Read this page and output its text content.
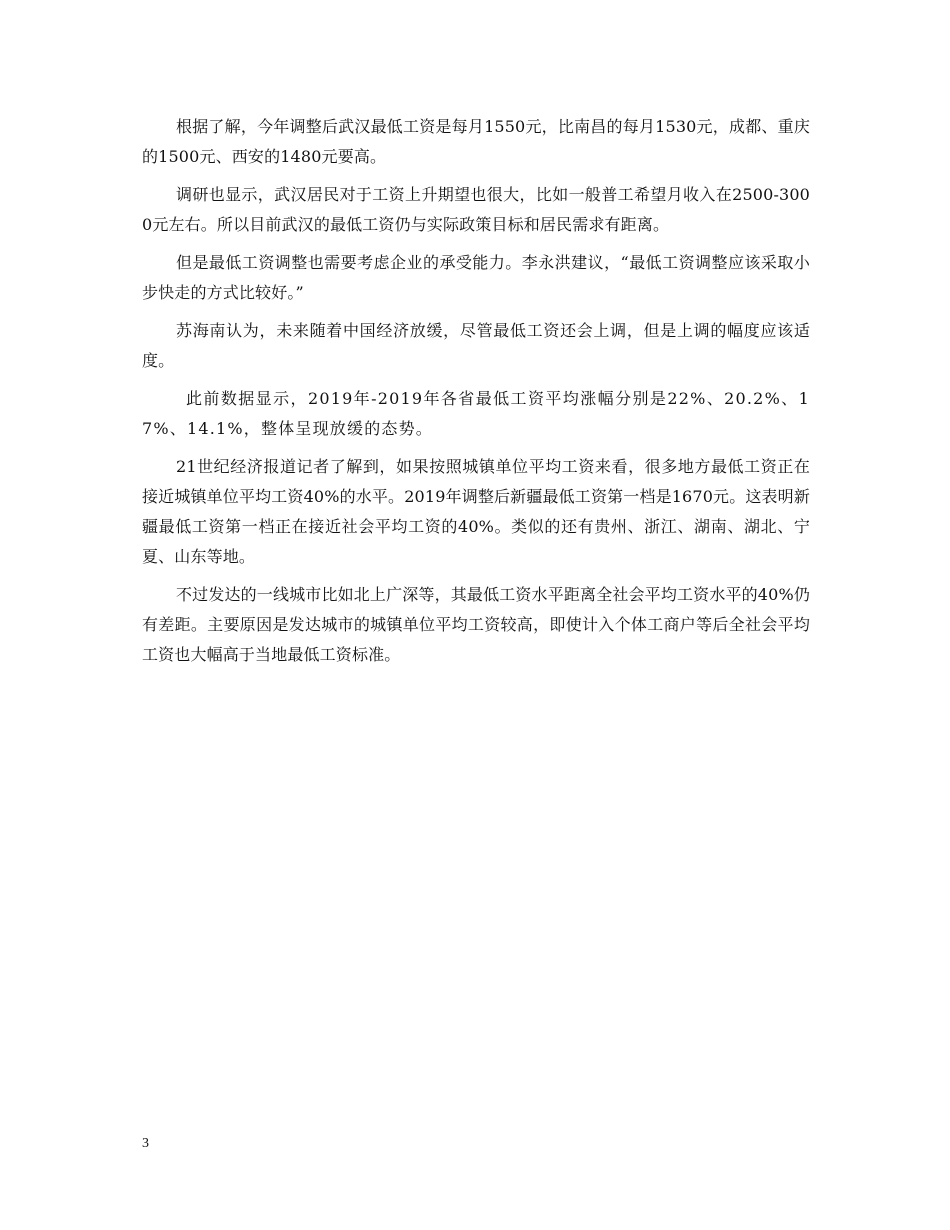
根据了解，今年调整后武汉最低工资是每月1550元，比南昌的每月1530元，成都、重庆的1500元、西安的1480元要高。

调研也显示，武汉居民对于工资上升期望也很大，比如一般普工希望月收入在2500-3000元左右。所以目前武汉的最低工资仍与实际政策目标和居民需求有距离。

但是最低工资调整也需要考虑企业的承受能力。李永洪建议，“最低工资调整应该采取小步快走的方式比较好。”

苏海南认为，未来随着中国经济放缓，尽管最低工资还会上调，但是上调的幅度应该适度。

此前数据显示，2019年-2019年各省最低工资平均涨幅分别是22%、20.2%、17%、14.1%，整体呈现放缓的态势。

21世纪经济报道记者了解到，如果按照城镇单位平均工资来看，很多地方最低工资正在接近城镇单位平均工资40%的水平。2019年调整后新疆最低工资第一档是1670元。这表明新疆最低工资第一档正在接近社会平均工资的40%。类似的还有贵州、浙江、湖南、湖北、宁夏、山东等地。

不过发达的一线城市比如北上广深等，其最低工资水平距离全社会平均工资水平的40%仍有差距。主要原因是发达城市的城镇单位平均工资较高，即使计入个体工商户等后全社会平均工资也大幅高于当地最低工资标准。

3
